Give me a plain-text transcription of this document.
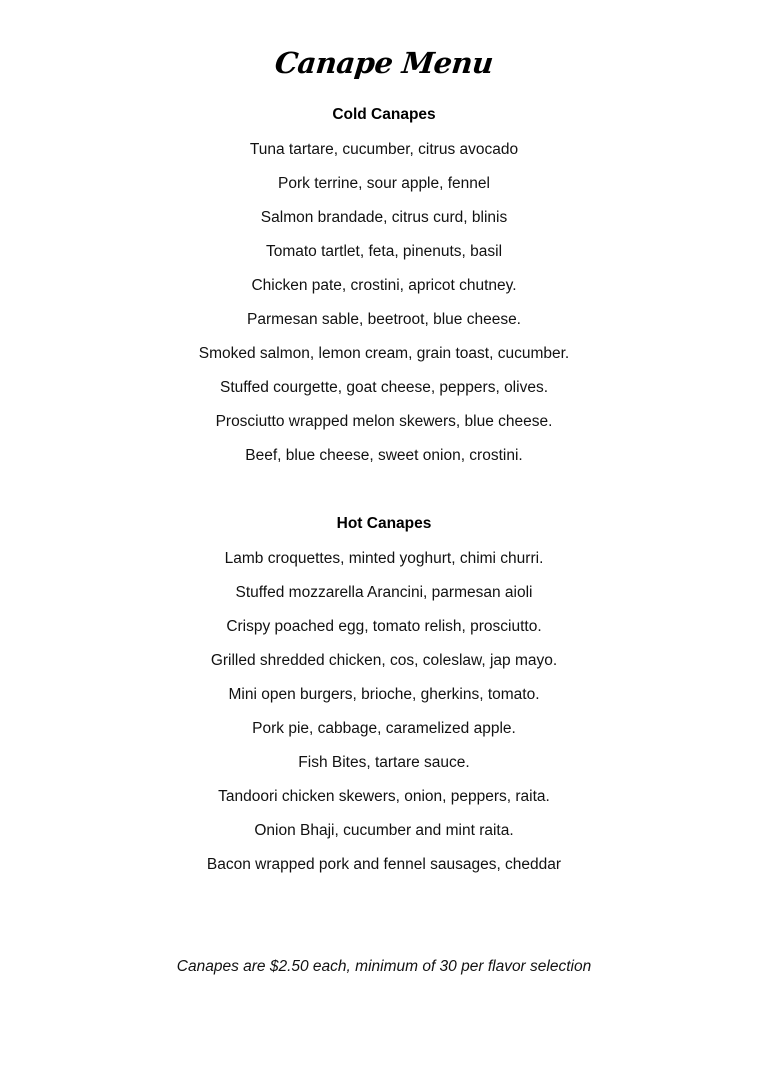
Canape Menu
Cold Canapes
Tuna tartare, cucumber, citrus avocado
Pork terrine, sour apple, fennel
Salmon brandade, citrus curd, blinis
Tomato tartlet, feta, pinenuts, basil
Chicken pate, crostini, apricot chutney.
Parmesan sable, beetroot, blue cheese.
Smoked salmon, lemon cream, grain toast, cucumber.
Stuffed courgette, goat cheese, peppers, olives.
Prosciutto wrapped melon skewers, blue cheese.
Beef, blue cheese, sweet onion, crostini.
Hot Canapes
Lamb croquettes, minted yoghurt, chimi churri.
Stuffed mozzarella Arancini, parmesan aioli
Crispy poached egg, tomato relish, prosciutto.
Grilled shredded chicken, cos, coleslaw, jap mayo.
Mini open burgers, brioche, gherkins, tomato.
Pork pie, cabbage, caramelized apple.
Fish Bites, tartare sauce.
Tandoori chicken skewers, onion, peppers, raita.
Onion Bhaji, cucumber and mint raita.
Bacon wrapped pork and fennel sausages, cheddar
Canapes are $2.50 each, minimum of 30 per flavor selection
